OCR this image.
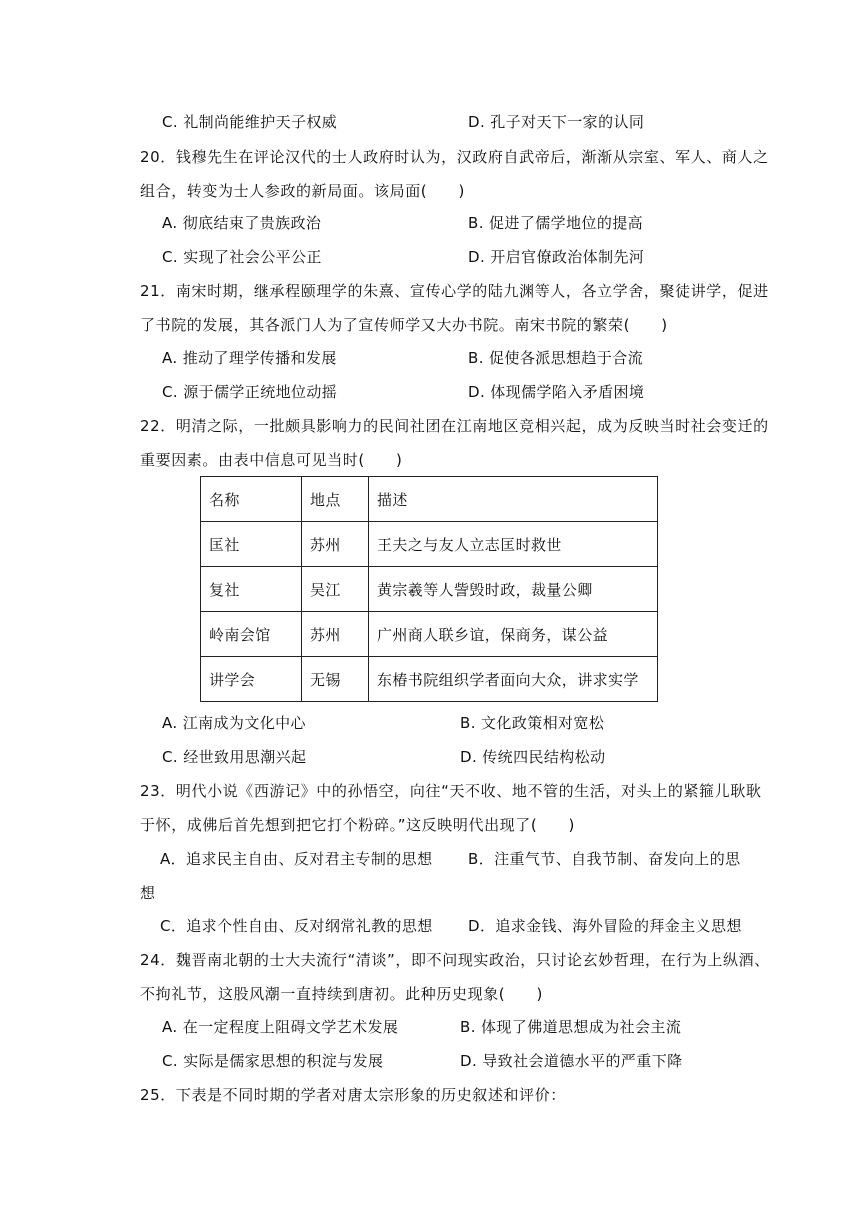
C. 礼制尚能维护天子权威	D. 孔子对天下一家的认同
20．钱穆先生在评论汉代的士人政府时认为，汉政府自武帝后，渐渐从宗室、军人、商人之
组合，转变为士人参政的新局面。该局面(　　)
A. 彻底结束了贵族政治	B. 促进了儒学地位的提高
C. 实现了社会公平公正	D. 开启官僚政治体制先河
21．南宋时期，继承程颐理学的朱熹、宣传心学的陆九渊等人，各立学舍，聚徒讲学，促进
了书院的发展，其各派门人为了宣传师学又大办书院。南宋书院的繁荣(　　)
A. 推动了理学传播和发展	B. 促使各派思想趋于合流
C. 源于儒学正统地位动摇	D. 体现儒学陷入矛盾困境
22．明清之际，一批颇具影响力的民间社团在江南地区竞相兴起，成为反映当时社会变迁的
重要因素。由表中信息可见当时(　　)
名称	地点	描述
匡社	苏州	王夫之与友人立志匡时救世
复社	吴江	黄宗羲等人訾毁时政，裁量公卿
岭南会馆	苏州	广州商人联乡谊，保商务，谋公益
讲学会	无锡	东椿书院组织学者面向大众，讲求实学
A. 江南成为文化中心	B. 文化政策相对宽松
C. 经世致用思潮兴起	D. 传统四民结构松动
23．明代小说《西游记》中的孙悟空，向往“天不收、地不管的生活，对头上的紧箍儿耿耿
于怀，成佛后首先想到把它打个粉碎。”这反映明代出现了(　　)
A．追求民主自由、反对君主专制的思想 B．注重气节、自我节制、奋发向上的思
想
C．追求个性自由、反对纲常礼教的思想 D．追求金钱、海外冒险的拜金主义思想
24．魏晋南北朝的士大夫流行“清谈”，即不问现实政治，只讨论玄妙哲理，在行为上纵酒、
不拘礼节，这股风潮一直持续到唐初。此种历史现象(　　)
A. 在一定程度上阻碍文学艺术发展	B. 体现了佛道思想成为社会主流
C. 实际是儒家思想的积淀与发展	D. 导致社会道德水平的严重下降
25．下表是不同时期的学者对唐太宗形象的历史叙述和评价：
